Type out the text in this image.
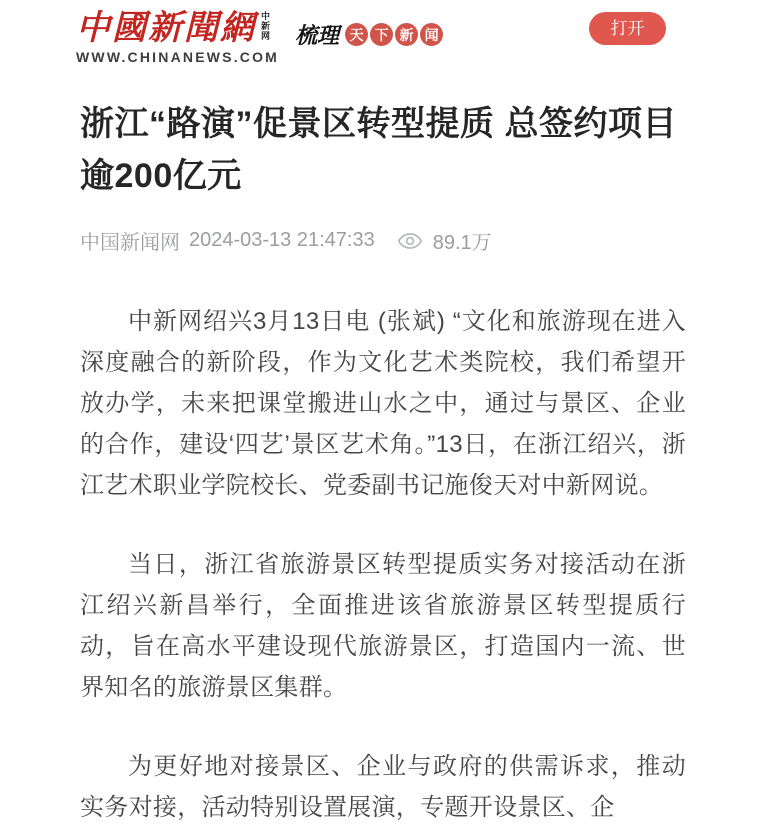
中國新聞網 中新网
WWW.CHINANEWS.COM
梳理 天 下 新 闻	打开
浙江“路演”促景区转型提质 总签约项目逾200亿元
中国新闻网 2024-03-13 21:47:33	89.1万

中新网绍兴3月13日电 (张斌) “文化和旅游现在进入深度融合的新阶段，作为文化艺术类院校，我们希望开放办学，未来把课堂搬进山水之中，通过与景区、企业的合作，建设‘四艺’景区艺术角。”13日，在浙江绍兴，浙江艺术职业学院校长、党委副书记施俊天对中新网说。

当日，浙江省旅游景区转型提质实务对接活动在浙江绍兴新昌举行，全面推进该省旅游景区转型提质行动，旨在高水平建设现代旅游景区，打造国内一流、世界知名的旅游景区集群。

为更好地对接景区、企业与政府的供需诉求，推动实务对接，活动特别设置展演，专题开设景区、企
